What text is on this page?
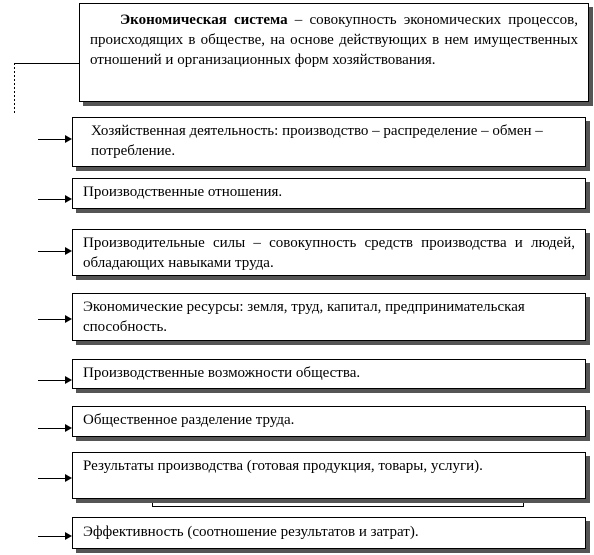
Экономическая система – совокупность экономических процессов, происходящих в обществе, на основе действующих в нем имущественных отношений и организационных форм хозяйствования.
Хозяйственная деятельность: производство – распределение – обмен – потребление.
Производственные отношения.
Производительные силы – совокупность средств производства и людей, обладающих навыками труда.
Экономические ресурсы: земля, труд, капитал, предпринимательская способность.
Производственные возможности общества.
Общественное разделение труда.
Результаты производства (готовая продукция, товары, услуги).
Эффективность (соотношение результатов и затрат).
